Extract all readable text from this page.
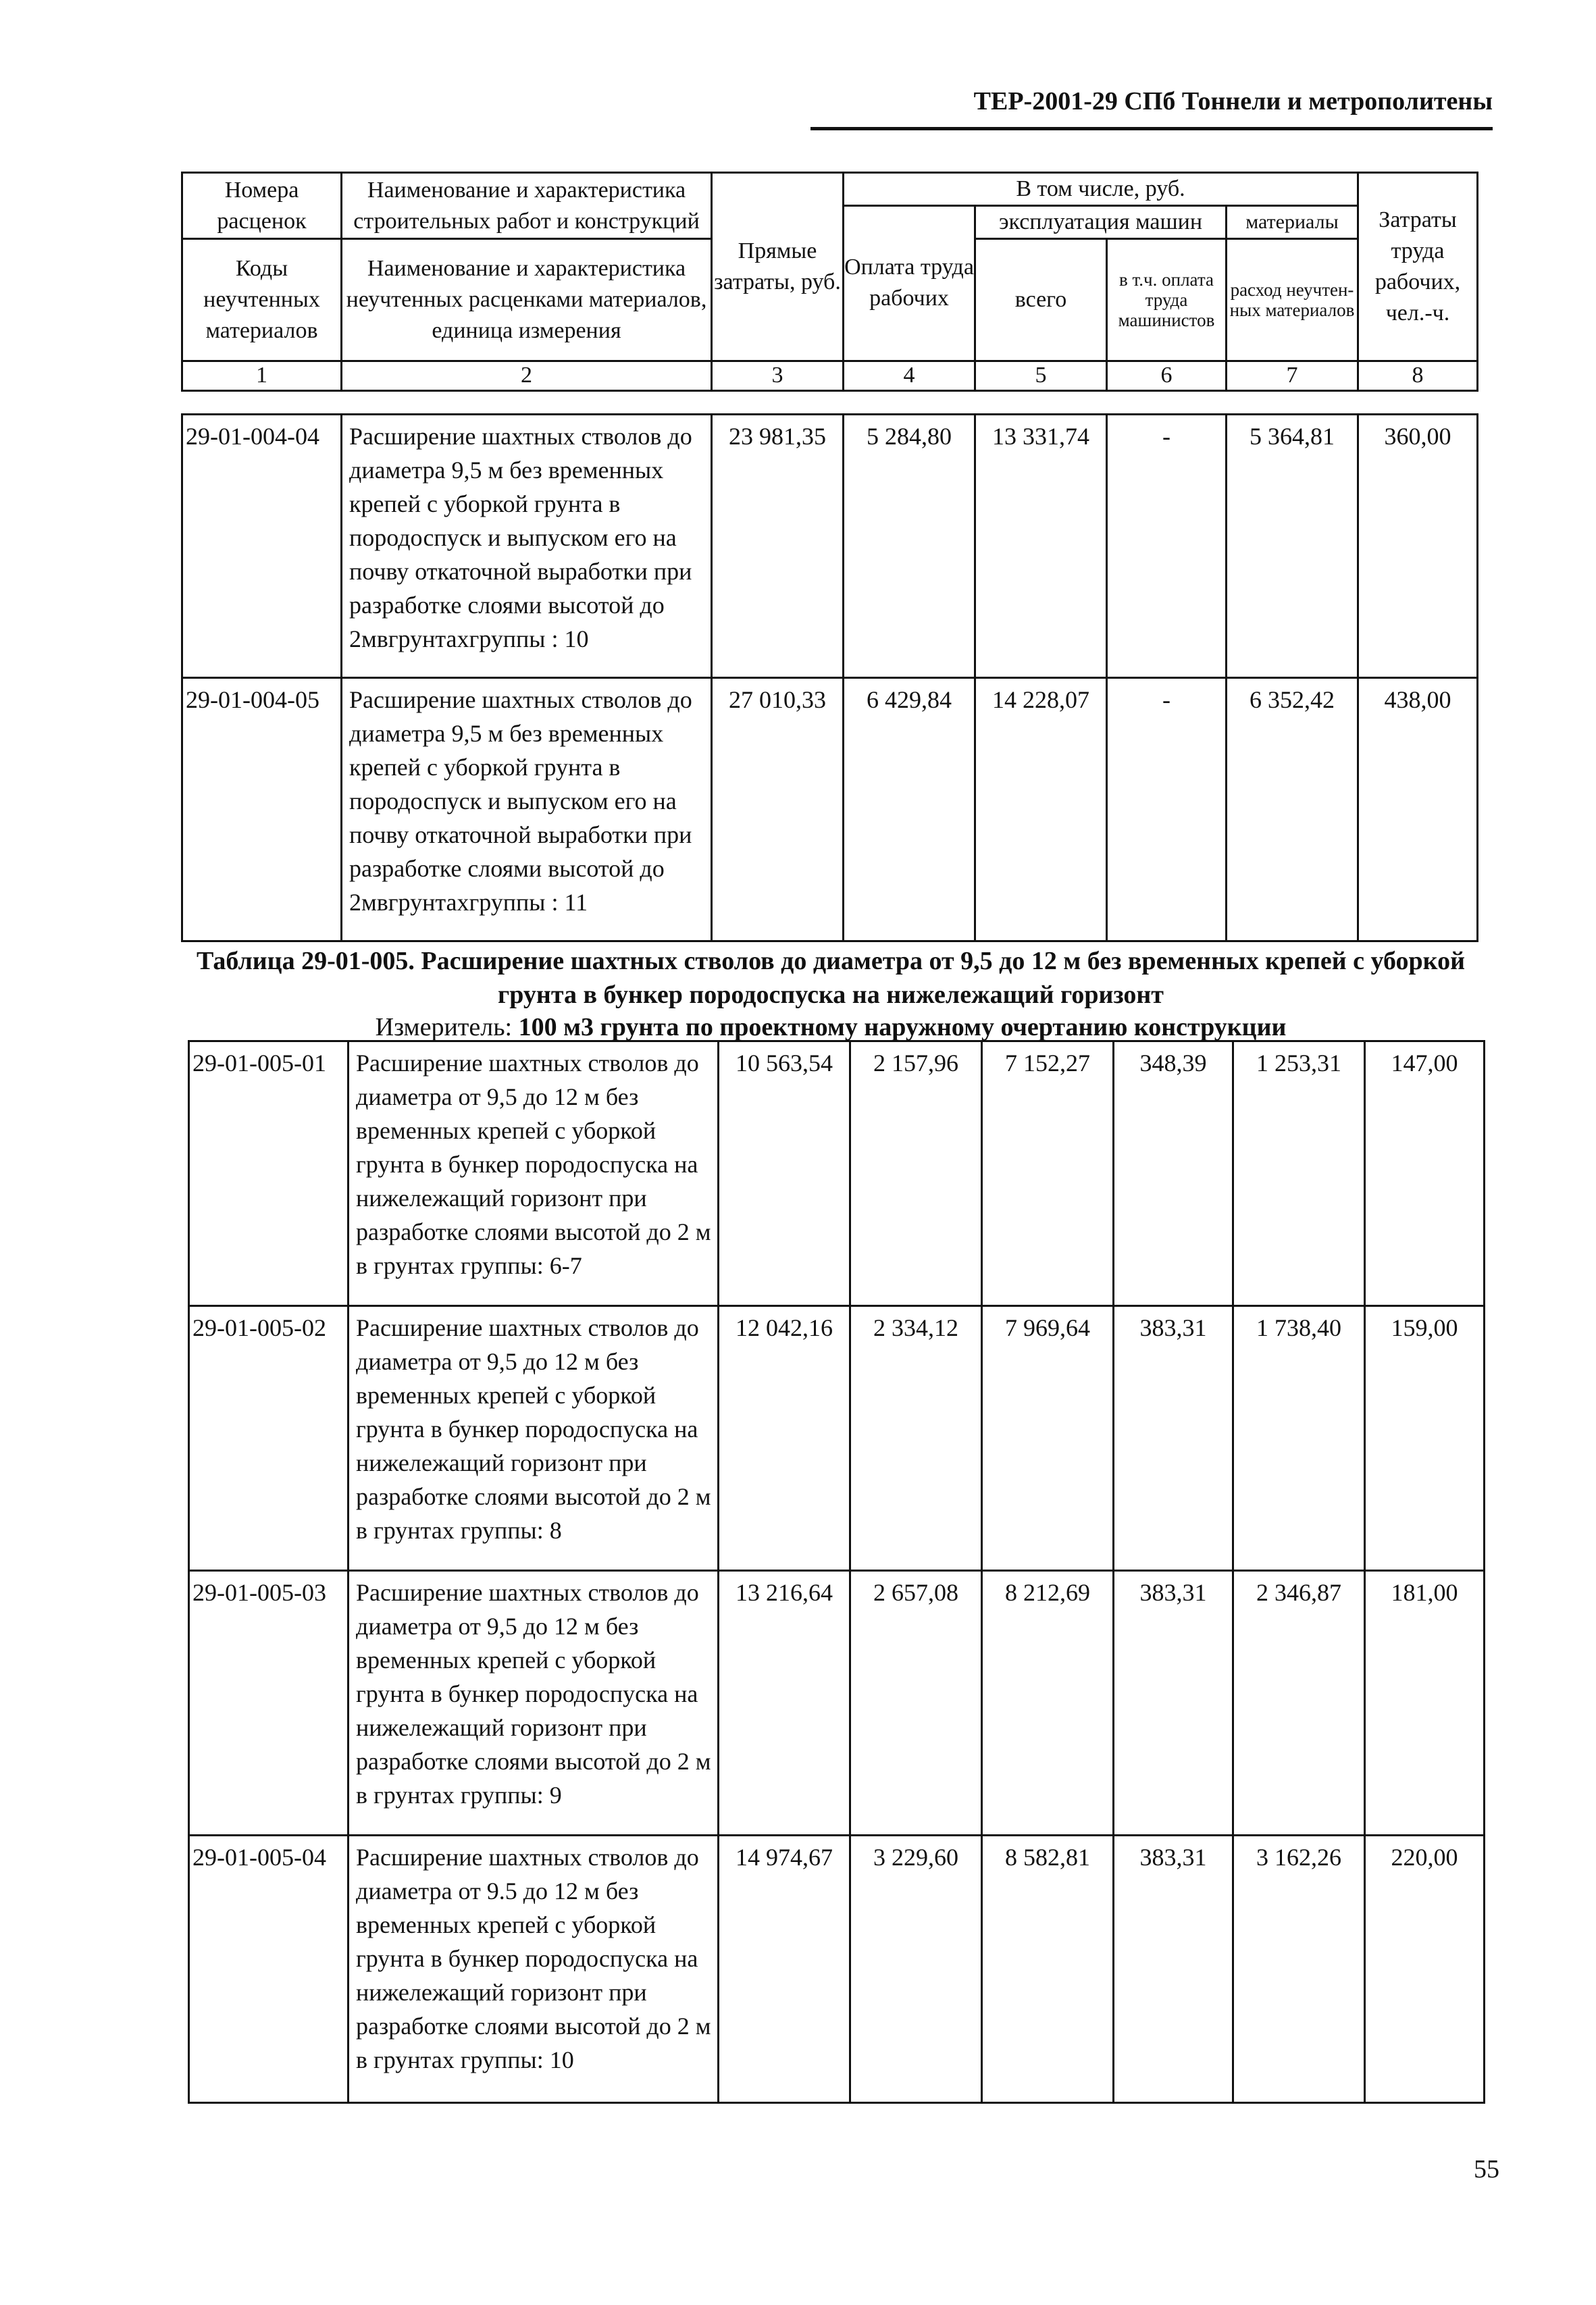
ТЕР-2001-29 СПб Тоннели и метрополитены
Номера расценок	Наименование и характеристика строительных работ и конструкций	Прямые затраты, руб.	В том числе, руб.				Затраты труда рабочих, чел.-ч.
			Оплата труда рабочих	эксплуатация машин		материалы	
Коды неучтенных материалов	Наименование и характеристика неучтенных расценками материалов, единица измерения			всего	в т.ч. оплата труда машинистов	расход неучтен-ных материалов	

1	2	3	4	5	6	7	8
29-01-004-04	Расширение шахтных стволов до диаметра 9,5 м без временных крепей с уборкой грунта в породоспуск и выпуском его на почву откаточной выработки при разработке слоями высотой до 2мвгрунтахгруппы : 10	23 981,35	5 284,80	13 331,74	-	5 364,81	360,00
29-01-004-05	Расширение шахтных стволов до диаметра 9,5 м без временных крепей с уборкой грунта в породоспуск и выпуском его на почву откаточной выработки при разработке слоями высотой до 2мвгрунтахгруппы : 11	27 010,33	6 429,84	14 228,07	-	6 352,42	438,00
Таблица 29-01-005. Расширение шахтных стволов до диаметра от 9,5 до 12 м без временных крепей с уборкой грунта в бункер породоспуска на нижележащий горизонт
Измеритель: 100 м3 грунта по проектному наружному очертанию конструкции
29-01-005-01	Расширение шахтных стволов до диаметра от 9,5 до 12 м без временных крепей с уборкой грунта в бункер породоспуска на нижележащий горизонт при разработке слоями высотой до 2 м в грунтах группы: 6-7	10 563,54	2 157,96	7 152,27	348,39	1 253,31	147,00
29-01-005-02	Расширение шахтных стволов до диаметра от 9,5 до 12 м без временных крепей с уборкой грунта в бункер породоспуска на нижележащий горизонт при разработке слоями высотой до 2 м в грунтах группы: 8	12 042,16	2 334,12	7 969,64	383,31	1 738,40	159,00
29-01-005-03	Расширение шахтных стволов до диаметра от 9,5 до 12 м без временных крепей с уборкой грунта в бункер породоспуска на нижележащий горизонт при разработке слоями высотой до 2 м в грунтах группы: 9	13 216,64	2 657,08	8 212,69	383,31	2 346,87	181,00
29-01-005-04	Расширение шахтных стволов до диаметра от 9.5 до 12 м без временных крепей с уборкой грунта в бункер породоспуска на нижележащий горизонт при разработке слоями высотой до 2 м в грунтах группы: 10	14 974,67	3 229,60	8 582,81	383,31	3 162,26	220,00
55
